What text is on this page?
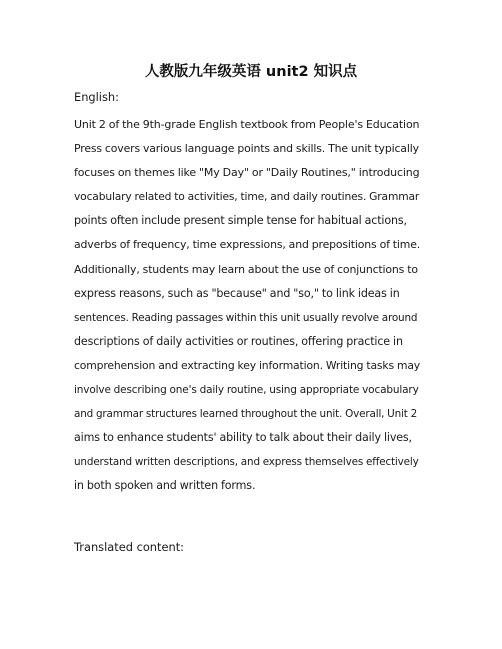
人教版九年级英语 unit2 知识点

English:

Unit 2 of the 9th-grade English textbook from People's Education
Press covers various language points and skills. The unit typically
focuses on themes like "My Day" or "Daily Routines," introducing
vocabulary related to activities, time, and daily routines. Grammar
points often include present simple tense for habitual actions,
adverbs of frequency, time expressions, and prepositions of time.
Additionally, students may learn about the use of conjunctions to
express reasons, such as "because" and "so," to link ideas in
sentences. Reading passages within this unit usually revolve around
descriptions of daily activities or routines, offering practice in
comprehension and extracting key information. Writing tasks may
involve describing one's daily routine, using appropriate vocabulary
and grammar structures learned throughout the unit. Overall, Unit 2
aims to enhance students' ability to talk about their daily lives,
understand written descriptions, and express themselves effectively
in both spoken and written forms.

Translated content:
